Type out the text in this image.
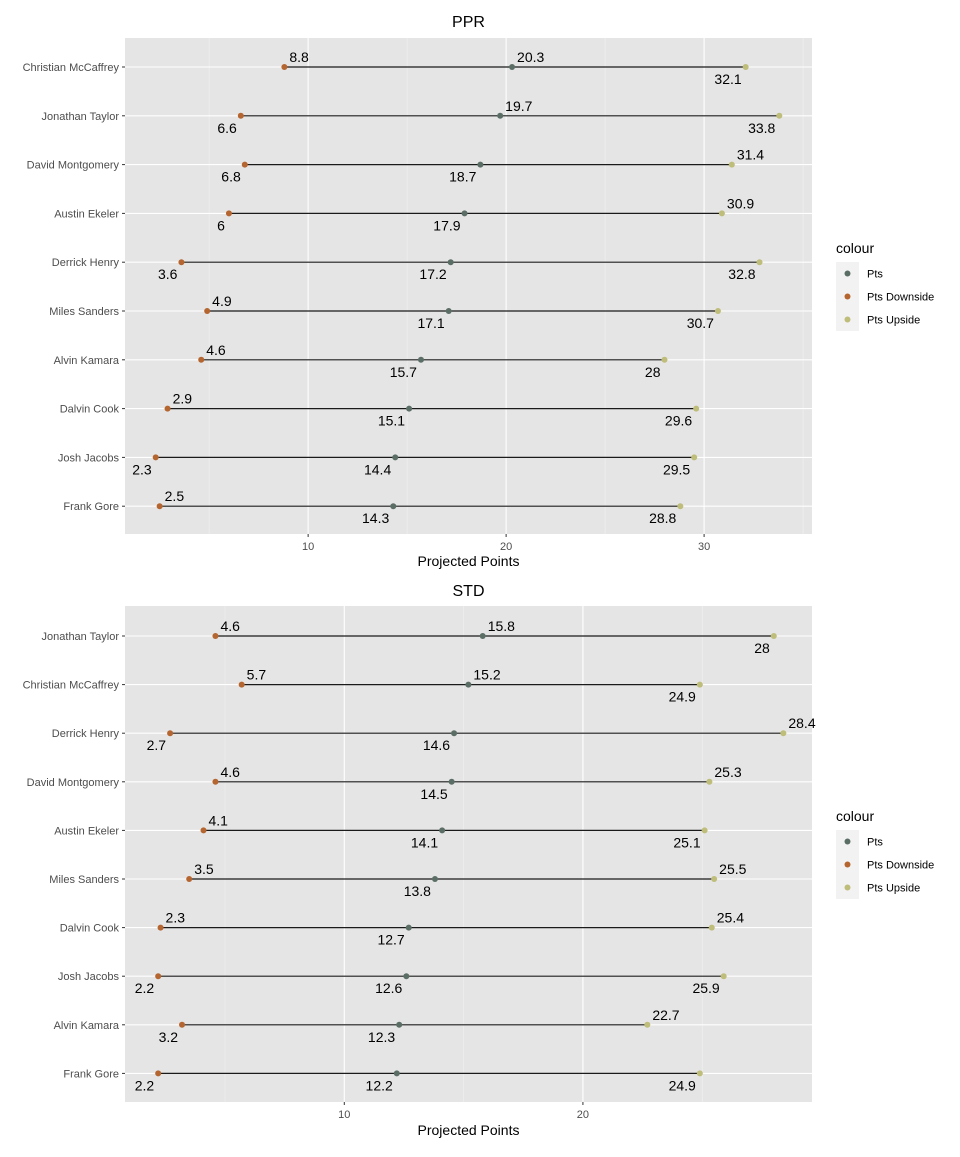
PPR
Christian McCaffrey
Jonathan Taylor
David Montgomery
Austin Ekeler
Derrick Henry
Miles Sanders
Alvin Kamara
Dalvin Cook
Josh Jacobs
Frank Gore
10	20	30
Projected Points
20.3
19.7
18.7
17.9
17.2
17.1
15.7
15.1
14.4
14.3
8.8
6.6
6.8
6
3.6
4.9
4.6
2.9
2.3
2.5
32.1
33.8
31.4
30.9
32.8
30.7
28
29.6
29.5
28.8
colour
Pts
Pts Downside
Pts Upside
STD
Jonathan Taylor
Christian McCaffrey
Derrick Henry
David Montgomery
Austin Ekeler
Miles Sanders
Dalvin Cook
Josh Jacobs
Alvin Kamara
Frank Gore
10	20
Projected Points
15.8
15.2
14.6
14.5
14.1
13.8
12.7
12.6
12.3
12.2
4.6
5.7
2.7
4.6
4.1
3.5
2.3
2.2
3.2
2.2
28
24.9
28.4
25.3
25.1
25.5
25.4
25.9
22.7
24.9
colour
Pts
Pts Downside
Pts Upside
